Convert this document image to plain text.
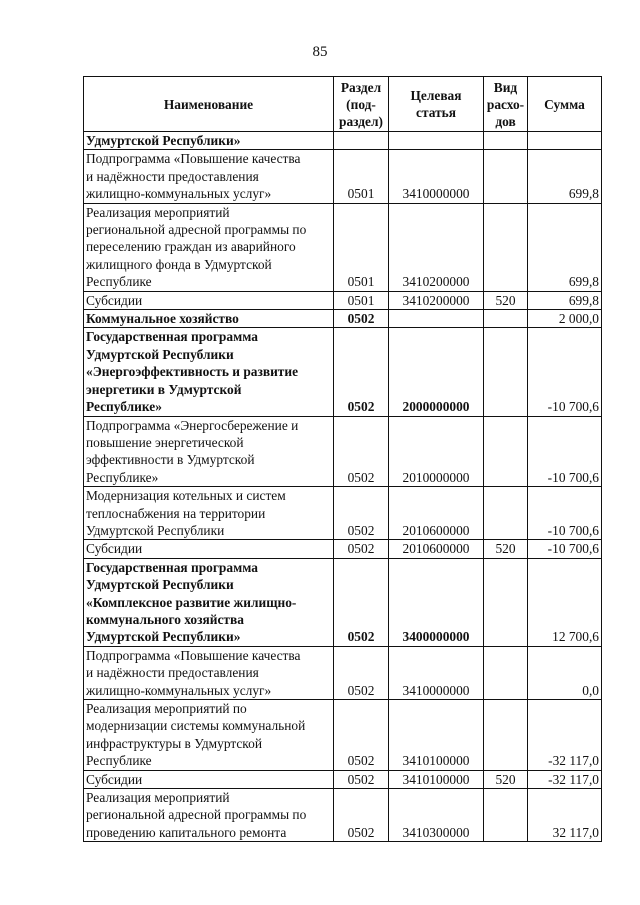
85
Наименование	Раздел (под-раздел)	Целевая статья	Вид расхо-дов	Сумма
Удмуртской Республики»				
Подпрограмма «Повышение качества
и надёжности предоставления
жилищно-коммунальных услуг»	0501	3410000000		699,8
Реализация мероприятий
региональной адресной программы по
переселению граждан из аварийного
жилищного фонда в Удмуртской
Республике	0501	3410200000		699,8
Субсидии	0501	3410200000	520	699,8
Коммунальное хозяйство	0502			2 000,0
Государственная программа
Удмуртской Республики
«Энергоэффективность и развитие
энергетики в Удмуртской
Республике»	0502	2000000000		-10 700,6
Подпрограмма «Энергосбережение и
повышение энергетической
эффективности в Удмуртской
Республике»	0502	2010000000		-10 700,6
Модернизация котельных и систем
теплоснабжения на территории
Удмуртской Республики	0502	2010600000		-10 700,6
Субсидии	0502	2010600000	520	-10 700,6
Государственная программа
Удмуртской Республики
«Комплексное развитие жилищно-
коммунального хозяйства
Удмуртской Республики»	0502	3400000000		12 700,6
Подпрограмма «Повышение качества
и надёжности предоставления
жилищно-коммунальных услуг»	0502	3410000000		0,0
Реализация мероприятий по
модернизации системы коммунальной
инфраструктуры в Удмуртской
Республике	0502	3410100000		-32 117,0
Субсидии	0502	3410100000	520	-32 117,0
Реализация мероприятий
региональной адресной программы по
проведению капитального ремонта	0502	3410300000		32 117,0
